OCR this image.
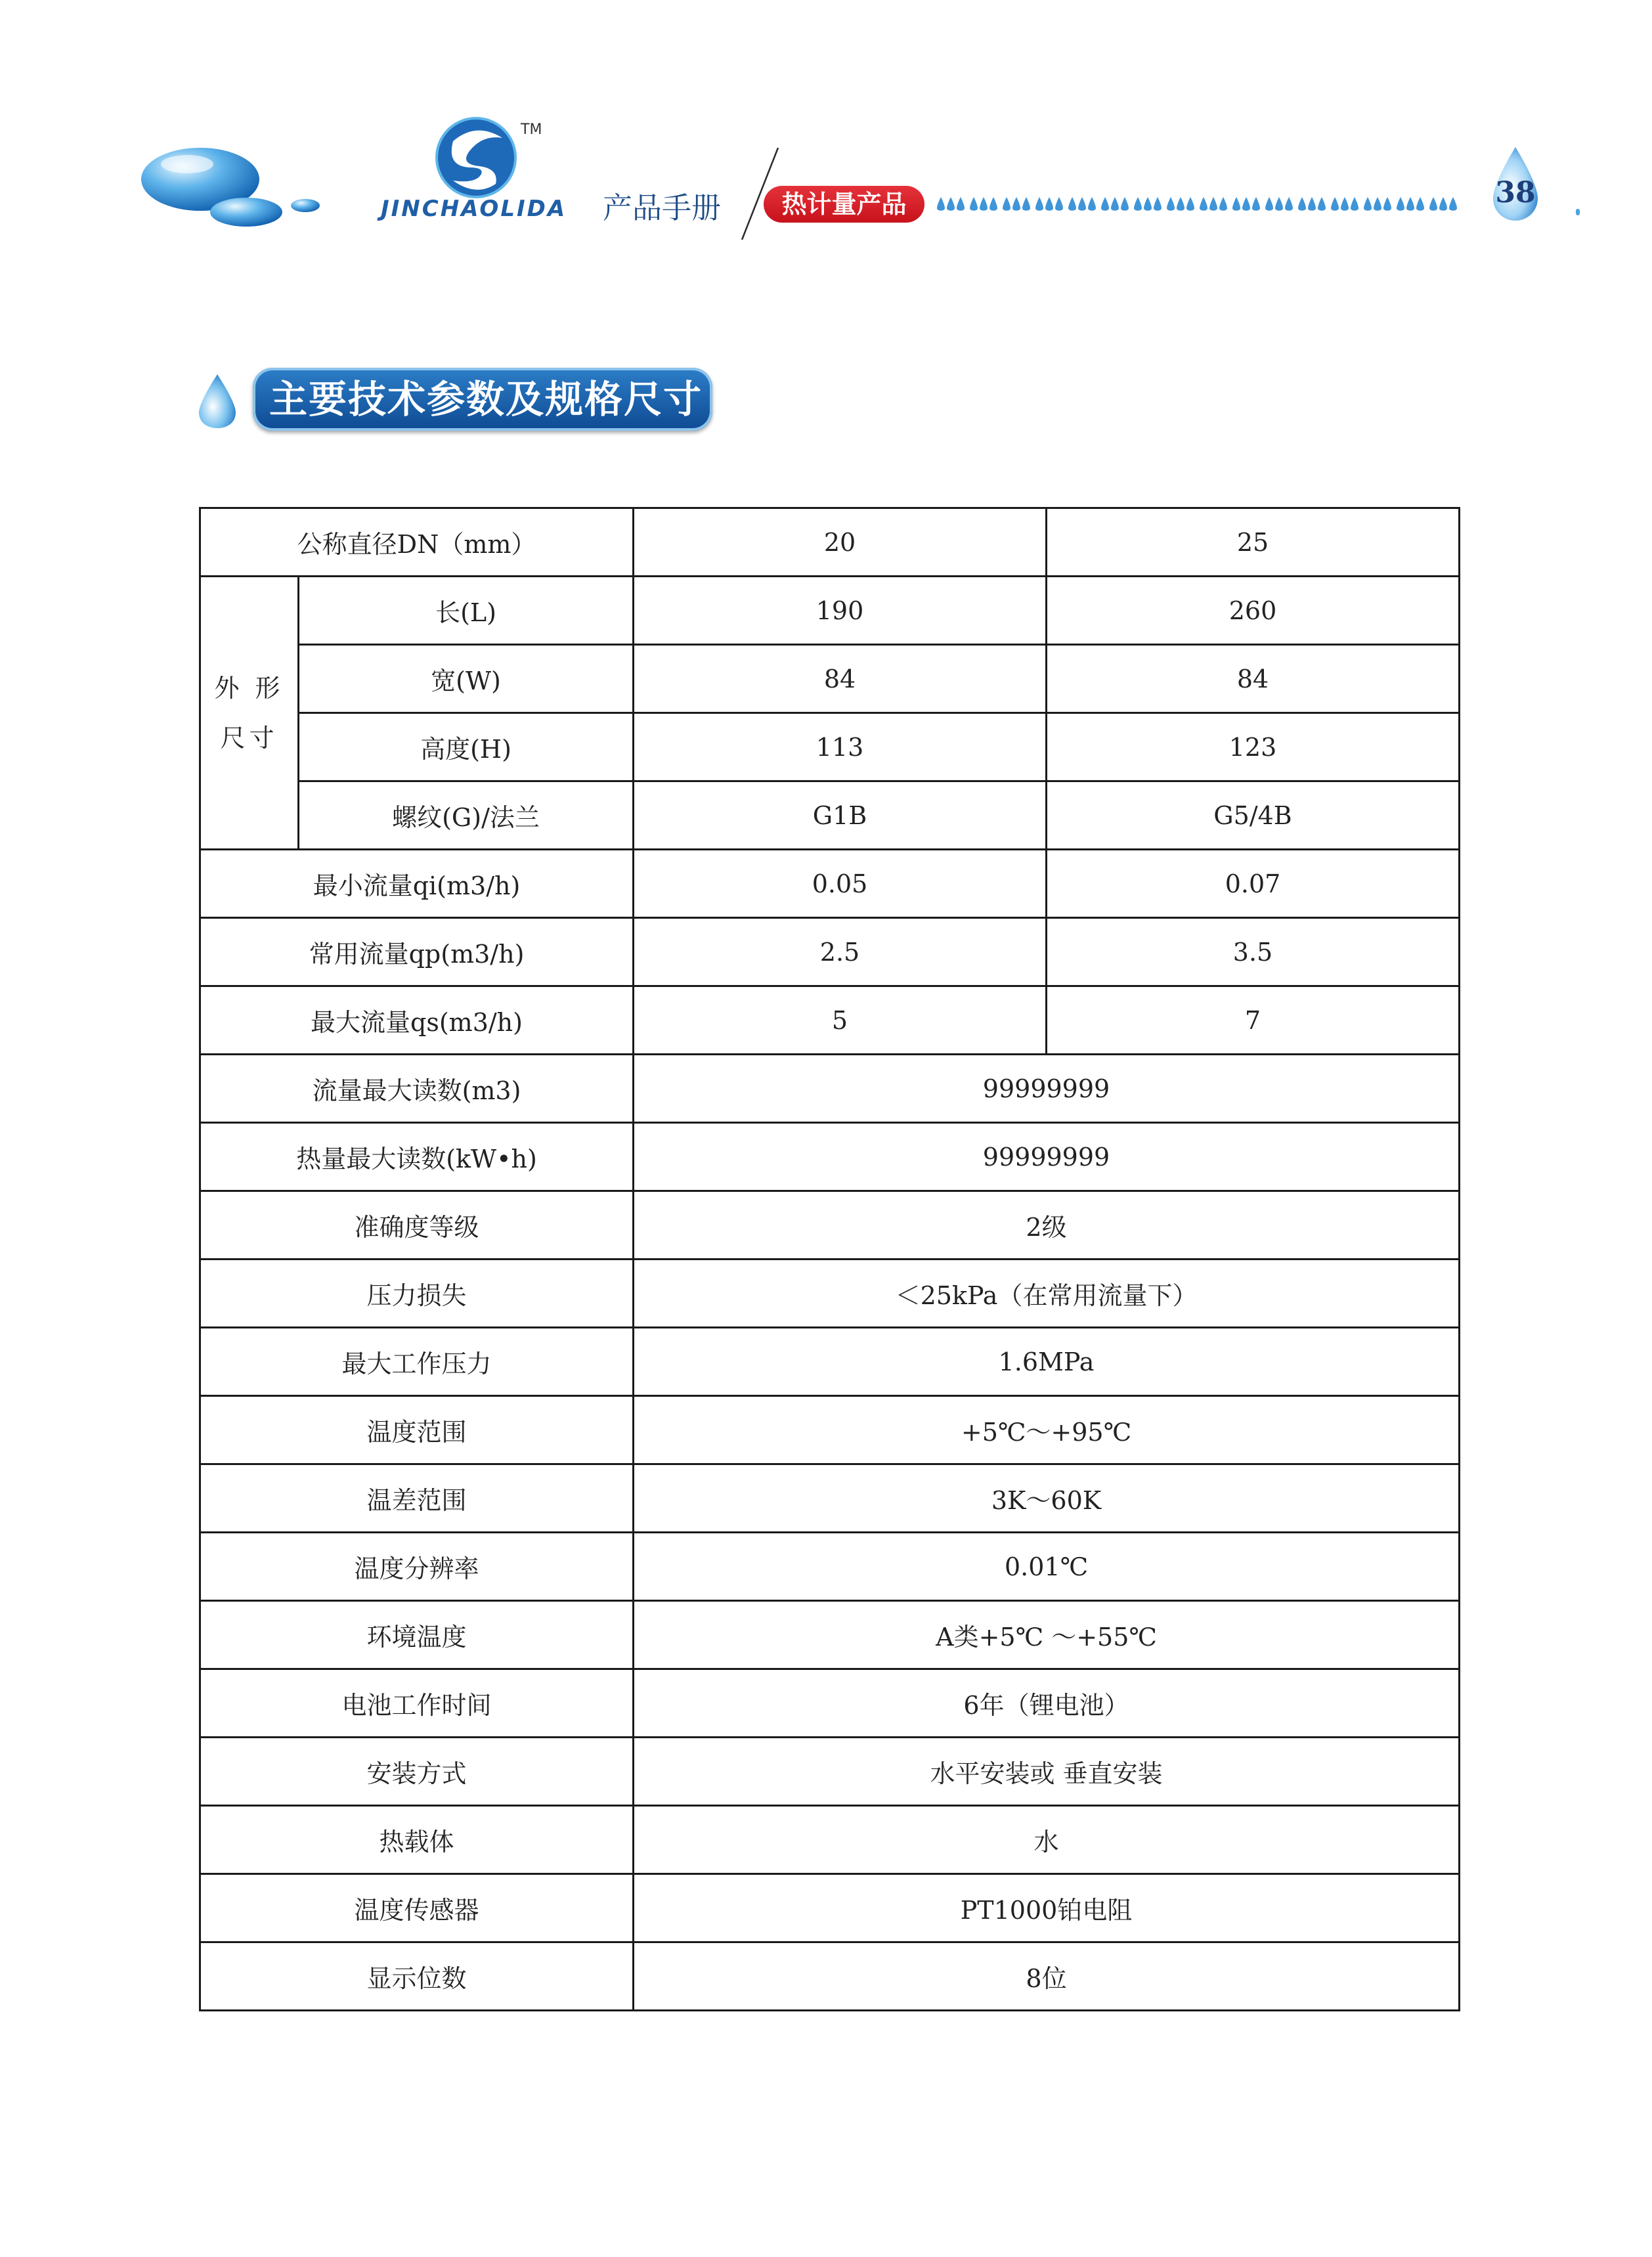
TM
JINCHAOLIDA 产品手册	热计量产品	38
主要技术参数及规格尺寸
公称直径DN（mm）		20	25
外 形
尺寸	长(L)	190	260
	宽(W)	84	84
	高度(H)	113	123
	螺纹(G)/法兰	G1B	G5/4B
最小流量qi(m3/h)		0.05	0.07
常用流量qp(m3/h)		2.5	3.5
最大流量qs(m3/h)		5	7
流量最大读数(m3)		99999999	
热量最大读数(kW•h)		99999999	
准确度等级		2级	
压力损失		＜25kPa（在常用流量下）	
最大工作压力		1.6MPa	
温度范围		+5℃～+95℃	
温差范围		3K～60K	
温度分辨率		0.01℃	
环境温度		A类+5℃ ～+55℃	
电池工作时间		6年（锂电池）	
安装方式		水平安装或 垂直安装	
热载体		水	
温度传感器		PT1000铂电阻	
显示位数		8位	
